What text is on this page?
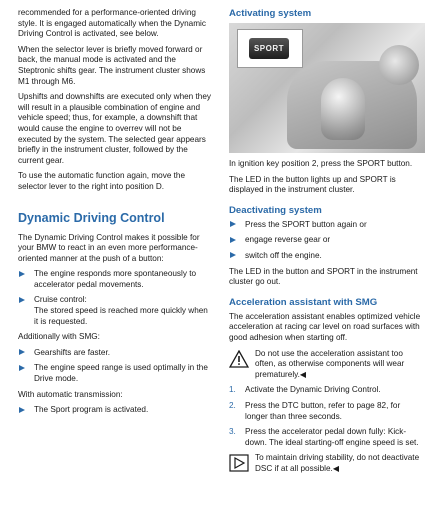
recommended for a performance-oriented driving style. It is engaged automatically when the Dynamic Driving Control is activated, see below.

When the selector lever is briefly moved forward or back, the manual mode is activated and the Steptronic shifts gear. The instrument cluster shows M1 through M6.

Upshifts and downshifts are executed only when they will result in a plausible combination of engine and vehicle speed; thus, for example, a downshift that would cause the engine to overrev will not be executed by the system. The selected gear appears briefly in the instrument cluster, followed by the current gear.

To use the automatic function again, move the selector lever to the right into position D.

Dynamic Driving Control

The Dynamic Driving Control makes it possible for your BMW to react in an even more performance-oriented manner at the push of a button:

The engine responds more spontaneously to accelerator pedal movements.
Cruise control:
The stored speed is reached more quickly when it is requested.

Additionally with SMG:

Gearshifts are faster.
The engine speed range is used optimally in the Drive mode.

With automatic transmission:

The Sport program is activated.
Activating system
SPORT

In ignition key position 2, press the SPORT button.

The LED in the button lights up and SPORT is displayed in the instrument cluster.

Deactivating system
Press the SPORT button again or
engage reverse gear or
switch off the engine.

The LED in the button and SPORT in the instrument cluster go out.

Acceleration assistant with SMG

The acceleration assistant enables optimized vehicle acceleration at racing car level on road surfaces with good adhesion when starting off.

Do not use the acceleration assistant too often, as otherwise components will wear prematurely.◀
1. Activate the Dynamic Driving Control.
2. Press the DTC button, refer to page 82, for longer than three seconds.
3. Press the accelerator pedal down fully: Kick-down. The ideal starting-off engine speed is set.
To maintain driving stability, do not deactivate DSC if at all possible.◀
